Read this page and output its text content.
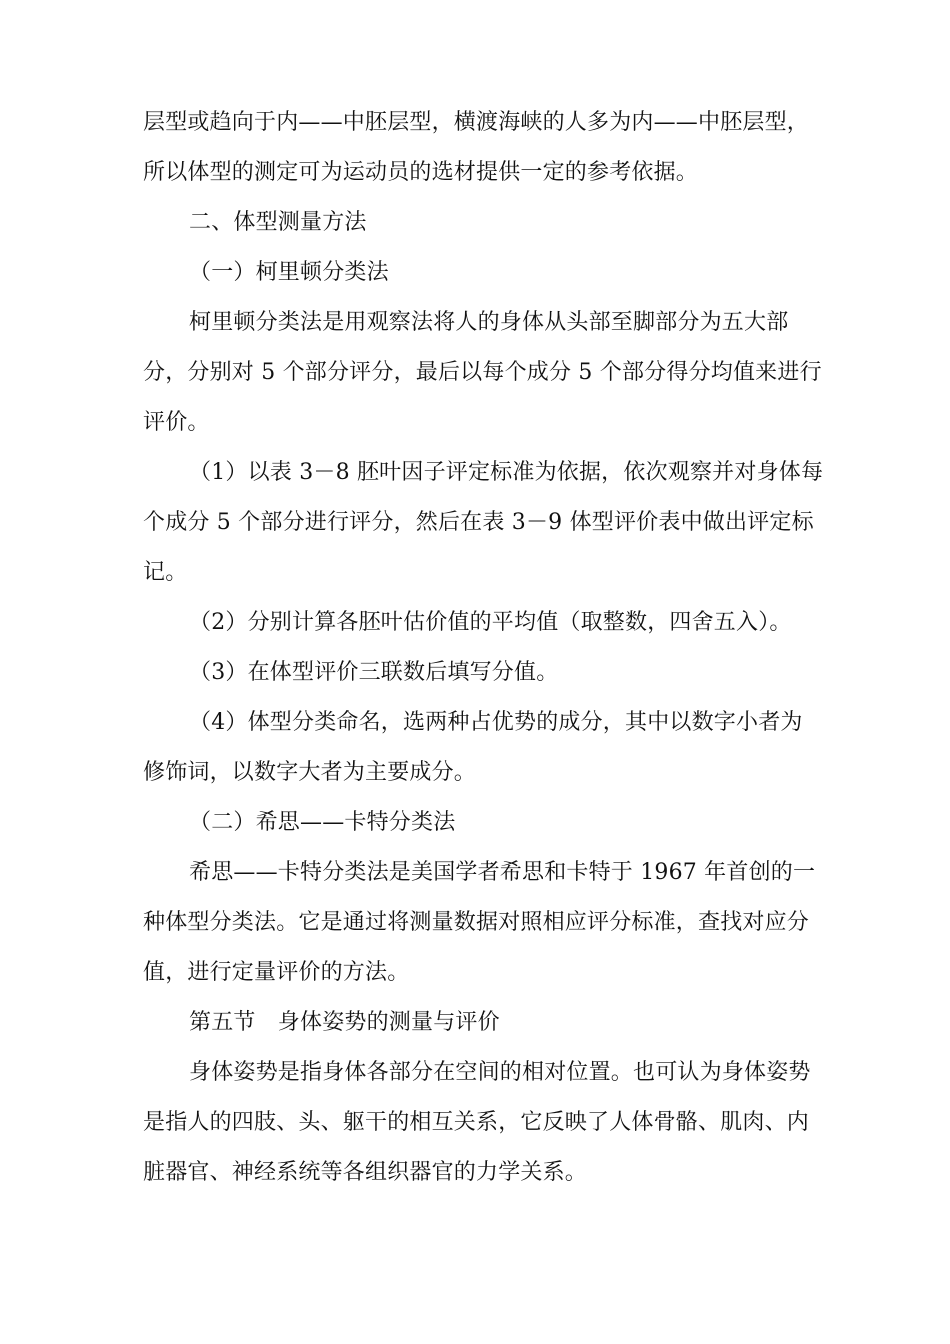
层型或趋向于内——中胚层型，横渡海峡的人多为内——中胚层型，
所以体型的测定可为运动员的选材提供一定的参考依据。

二、体型测量方法

（一）柯里顿分类法

柯里顿分类法是用观察法将人的身体从头部至脚部分为五大部
分，分别对 5 个部分评分，最后以每个成分 5 个部分得分均值来进行
评价。

（1）以表 3－8 胚叶因子评定标准为依据，依次观察并对身体每
个成分 5 个部分进行评分，然后在表 3－9 体型评价表中做出评定标
记。

（2）分别计算各胚叶估价值的平均值（取整数，四舍五入）。

（3）在体型评价三联数后填写分值。

（4）体型分类命名，选两种占优势的成分，其中以数字小者为
修饰词，以数字大者为主要成分。

（二）希思——卡特分类法

希思——卡特分类法是美国学者希思和卡特于 1967 年首创的一
种体型分类法。它是通过将测量数据对照相应评分标准，查找对应分
值，进行定量评价的方法。

第五节　身体姿势的测量与评价

身体姿势是指身体各部分在空间的相对位置。也可认为身体姿势
是指人的四肢、头、躯干的相互关系，它反映了人体骨骼、肌肉、内
脏器官、神经系统等各组织器官的力学关系。
